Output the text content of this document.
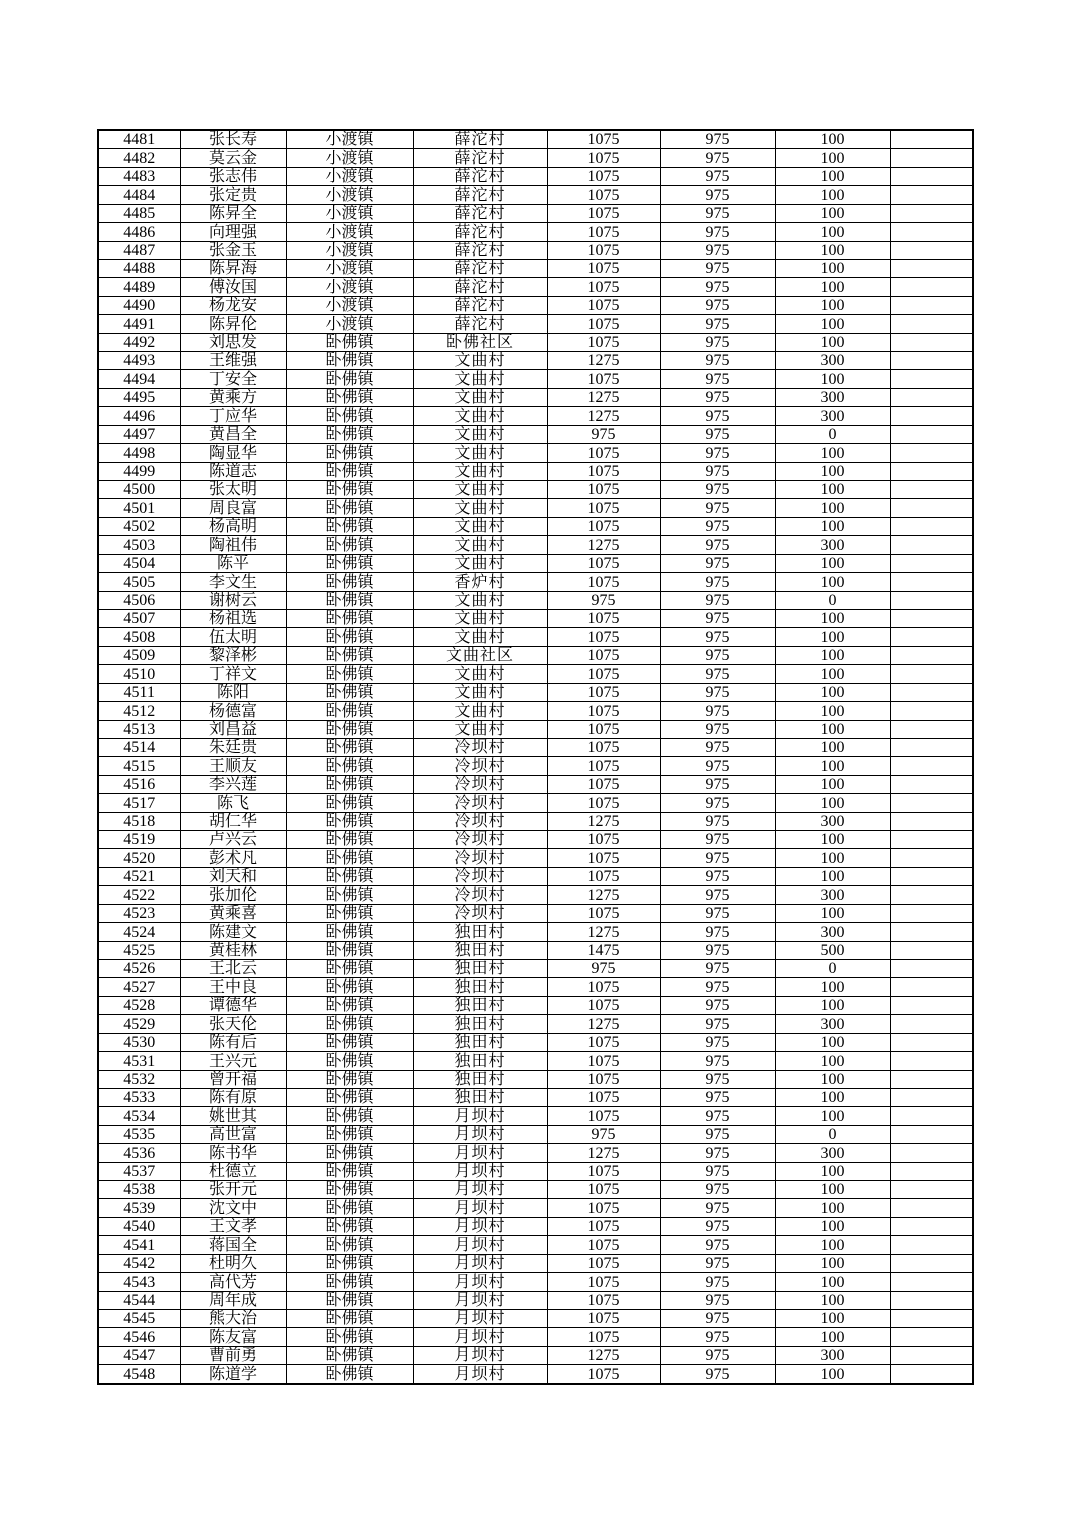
4481	张长寿	小渡镇	薛沱村	1075	975	100	
4482	莫云金	小渡镇	薛沱村	1075	975	100	
4483	张志伟	小渡镇	薛沱村	1075	975	100	
4484	张定贵	小渡镇	薛沱村	1075	975	100	
4485	陈昇全	小渡镇	薛沱村	1075	975	100	
4486	向理强	小渡镇	薛沱村	1075	975	100	
4487	张金玉	小渡镇	薛沱村	1075	975	100	
4488	陈昇海	小渡镇	薛沱村	1075	975	100	
4489	傅汝国	小渡镇	薛沱村	1075	975	100	
4490	杨龙安	小渡镇	薛沱村	1075	975	100	
4491	陈昇伦	小渡镇	薛沱村	1075	975	100	
4492	刘思发	卧佛镇	卧佛社区	1075	975	100	
4493	王维强	卧佛镇	文曲村	1275	975	300	
4494	丁安全	卧佛镇	文曲村	1075	975	100	
4495	黄乘方	卧佛镇	文曲村	1275	975	300	
4496	丁应华	卧佛镇	文曲村	1275	975	300	
4497	黄昌全	卧佛镇	文曲村	975	975	0	
4498	陶显华	卧佛镇	文曲村	1075	975	100	
4499	陈道志	卧佛镇	文曲村	1075	975	100	
4500	张太明	卧佛镇	文曲村	1075	975	100	
4501	周良富	卧佛镇	文曲村	1075	975	100	
4502	杨高明	卧佛镇	文曲村	1075	975	100	
4503	陶祖伟	卧佛镇	文曲村	1275	975	300	
4504	陈平	卧佛镇	文曲村	1075	975	100	
4505	李文生	卧佛镇	香炉村	1075	975	100	
4506	谢树云	卧佛镇	文曲村	975	975	0	
4507	杨祖选	卧佛镇	文曲村	1075	975	100	
4508	伍太明	卧佛镇	文曲村	1075	975	100	
4509	黎泽彬	卧佛镇	文曲社区	1075	975	100	
4510	丁祥文	卧佛镇	文曲村	1075	975	100	
4511	陈阳	卧佛镇	文曲村	1075	975	100	
4512	杨德富	卧佛镇	文曲村	1075	975	100	
4513	刘昌益	卧佛镇	文曲村	1075	975	100	
4514	朱廷贵	卧佛镇	冷坝村	1075	975	100	
4515	王顺友	卧佛镇	冷坝村	1075	975	100	
4516	李兴莲	卧佛镇	冷坝村	1075	975	100	
4517	陈飞	卧佛镇	冷坝村	1075	975	100	
4518	胡仁华	卧佛镇	冷坝村	1275	975	300	
4519	卢兴云	卧佛镇	冷坝村	1075	975	100	
4520	彭术凡	卧佛镇	冷坝村	1075	975	100	
4521	刘天和	卧佛镇	冷坝村	1075	975	100	
4522	张加伦	卧佛镇	冷坝村	1275	975	300	
4523	黄乘喜	卧佛镇	冷坝村	1075	975	100	
4524	陈建文	卧佛镇	独田村	1275	975	300	
4525	黄桂林	卧佛镇	独田村	1475	975	500	
4526	王北云	卧佛镇	独田村	975	975	0	
4527	王中良	卧佛镇	独田村	1075	975	100	
4528	谭德华	卧佛镇	独田村	1075	975	100	
4529	张天伦	卧佛镇	独田村	1275	975	300	
4530	陈有后	卧佛镇	独田村	1075	975	100	
4531	王兴元	卧佛镇	独田村	1075	975	100	
4532	曾开福	卧佛镇	独田村	1075	975	100	
4533	陈有原	卧佛镇	独田村	1075	975	100	
4534	姚世其	卧佛镇	月坝村	1075	975	100	
4535	高世富	卧佛镇	月坝村	975	975	0	
4536	陈书华	卧佛镇	月坝村	1275	975	300	
4537	杜德立	卧佛镇	月坝村	1075	975	100	
4538	张开元	卧佛镇	月坝村	1075	975	100	
4539	沈文中	卧佛镇	月坝村	1075	975	100	
4540	王文孝	卧佛镇	月坝村	1075	975	100	
4541	蒋国全	卧佛镇	月坝村	1075	975	100	
4542	杜明久	卧佛镇	月坝村	1075	975	100	
4543	高代芳	卧佛镇	月坝村	1075	975	100	
4544	周年成	卧佛镇	月坝村	1075	975	100	
4545	熊大治	卧佛镇	月坝村	1075	975	100	
4546	陈友富	卧佛镇	月坝村	1075	975	100	
4547	曹前勇	卧佛镇	月坝村	1275	975	300	
4548	陈道学	卧佛镇	月坝村	1075	975	100	
